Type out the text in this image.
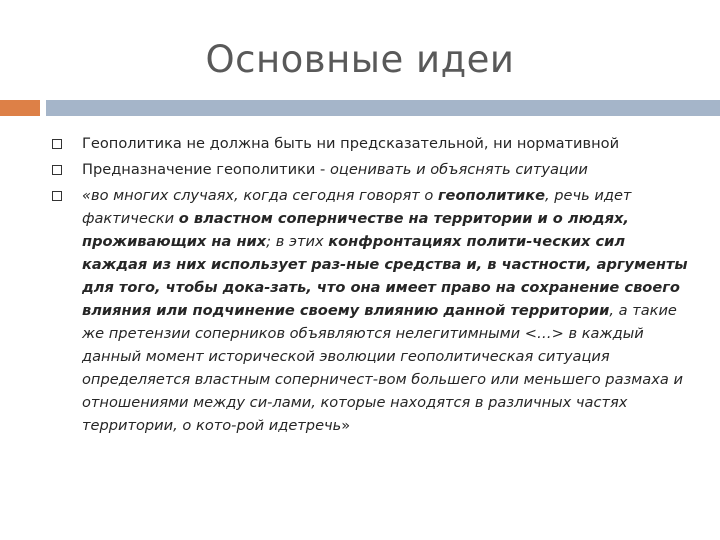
Основные идеи
Геополитика не должна быть ни предсказательной, ни нормативной
Предназначение геополитики - оценивать и объяснять ситуации
«во многих случаях, когда сегодня говорят о геополитике, речь идет фактически о властном соперничестве на территории и о людях, проживающих на них; в этих конфронтациях полити-ческих сил каждая из них использует раз-ные средства и, в частности, аргументы для того, чтобы дока-зать, что она имеет право на сохранение своего влияния или подчинение своему влиянию данной территории, а такие же претензии соперников объявляются нелегитимными <…> в каждый данный момент исторической эволюции геополитическая ситуация определяется властным соперничест-вом большего или меньшего размаха и отношениями между си-лами, которые находятся в различных частях территории, о кото-рой идетречь»
